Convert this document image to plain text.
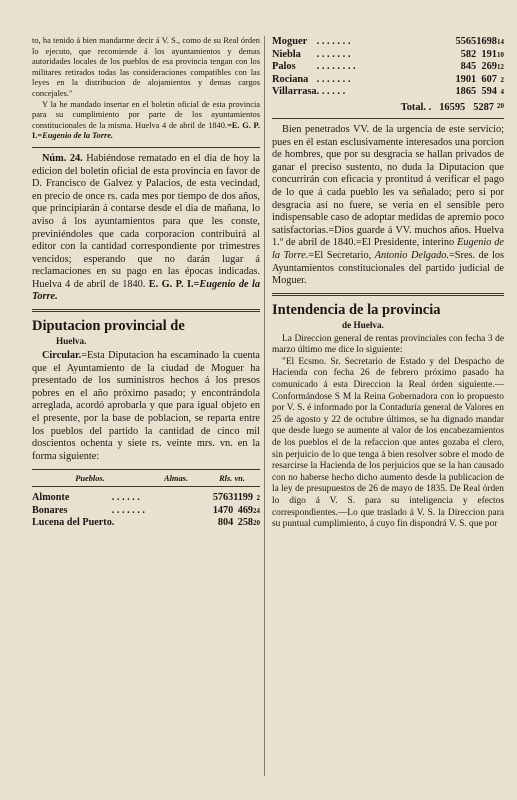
to, ha tenido á bien mandarme decir á V. S., como de su Real órden lo ejecuto, que recomiende á los ayuntamientos y demas autoridades locales de los pueblos de esa provincia tengan con los militares retirados todas las consideraciones compatibles con las leyes en la distribucion de alojamientos y demas cargos concejales."

Y la he mandado insertar en el boletin oficial de esta provincia para su cumplimiento por parte de los ayuntamientos constitucionales de la misma. Huelva 4 de abril de 1840.=E. G. P. I.=Eugenio de la Torre.

Núm. 24. Habiéndose rematado en el dia de hoy la edicion del boletin oficial de esta provincia en favor de D. Francisco de Galvez y Palacios, de esta vecindad, en precio de once rs. cada mes por tiempo de dos años, que principiarán á contarse desde el dia de mañana, lo aviso á los ayuntamientos para que les conste, previniéndoles que cada corporacion contribuirá al editor con la cantidad correspondiente por trimestres vencidos; esperando que no darán lugar á reclamaciones en su pago en las épocas indicadas. Huelva 4 de abril de 1840. E. G. P. I.=Eugenio de la Torre.

Diputacion provincial de
Huelva.

Circular.=Esta Diputacion ha escaminado la cuenta que el Ayuntamiento de la ciudad de Moguer ha presentado de los suministros hechos á los presos pobres en el año próximo pasado; y encontrándola arreglada, acordó aprobarla y que para igual objeto en el presente, por la base de poblacion, se reparta entre los pueblos del partido la cantidad de cinco mil doscientos ochenta y siete rs. veinte mrs. vn. en la forma siguiente:

Pueblos.	Almas.	Rls. vn.
Almonte	. . . . . .	5763	1199	2
Bonares	. . . . . . .	1470	469	24
Lucena del Puerto	.	804	258	20
Moguer	. . . . . . .	5565	1698	14
Niebla	. . . . . . .	582	191	10
Palos	. . . . . . . .	845	269	12
Rociana	. . . . . . .	1901	607	2
Villarrasa	. . . . . .	1865	594	4
Total. . 16595 5287 20

Bien penetrados VV. de la urgencia de este servicio; pues en él estan esclusivamente interesados una porcion de hombres, que por su desgracia se hallan privados de ganar el preciso sustento, no duda la Diputacion que concurrirán con eficacia y prontitud á verificar el pago de lo que á cada pueblo les va señalado; pero si por desgracia así no fuere, se veria en el sensible pero indispensable caso de adoptar medidas de apremio poco satisfactorias.=Dios guarde á VV. muchos años. Huelva 1.º de abril de 1840.=El Presidente, interino Eugenio de la Torre.=El Secretario, Antonio Delgado.=Sres. de los Ayuntamientos constitucionales del partido judicial de Moguer.

Intendencia de la provincia
de Huelva.

La Direccion general de rentas provinciales con fecha 3 de marzo último me dice lo siguiente:

"El Ecsmo. Sr. Secretario de Estado y del Despacho de Hacienda con fecha 26 de febrero próximo pasado ha comunicado á esta Direccion la Real órden siguiente.—Conformándose S M la Reina Gobernadora con lo propuesto por V. S. é informado por la Contaduría general de Valores en 25 de agosto y 22 de octubre últimos, se ha dignado mandar que desde luego se aumente al valor de los encabezamientos de los pueblos el de la refaccion que antes gozaba el clero, sin perjuicio de lo que tenga á bien resolver sobre el modo de resarcirse la Hacienda de los perjuicios que se la han causado con no haberse hecho dicho aumento desde la publicacion de la ley de presupuestos de 26 de mayo de 1835. De Real órden lo digo á V. S. para su inteligencia y efectos correspondientes.—Lo que traslado á V. S. la Direccion para su puntual cumplimiento, á cuyo fin dispondrá V. S. que por
